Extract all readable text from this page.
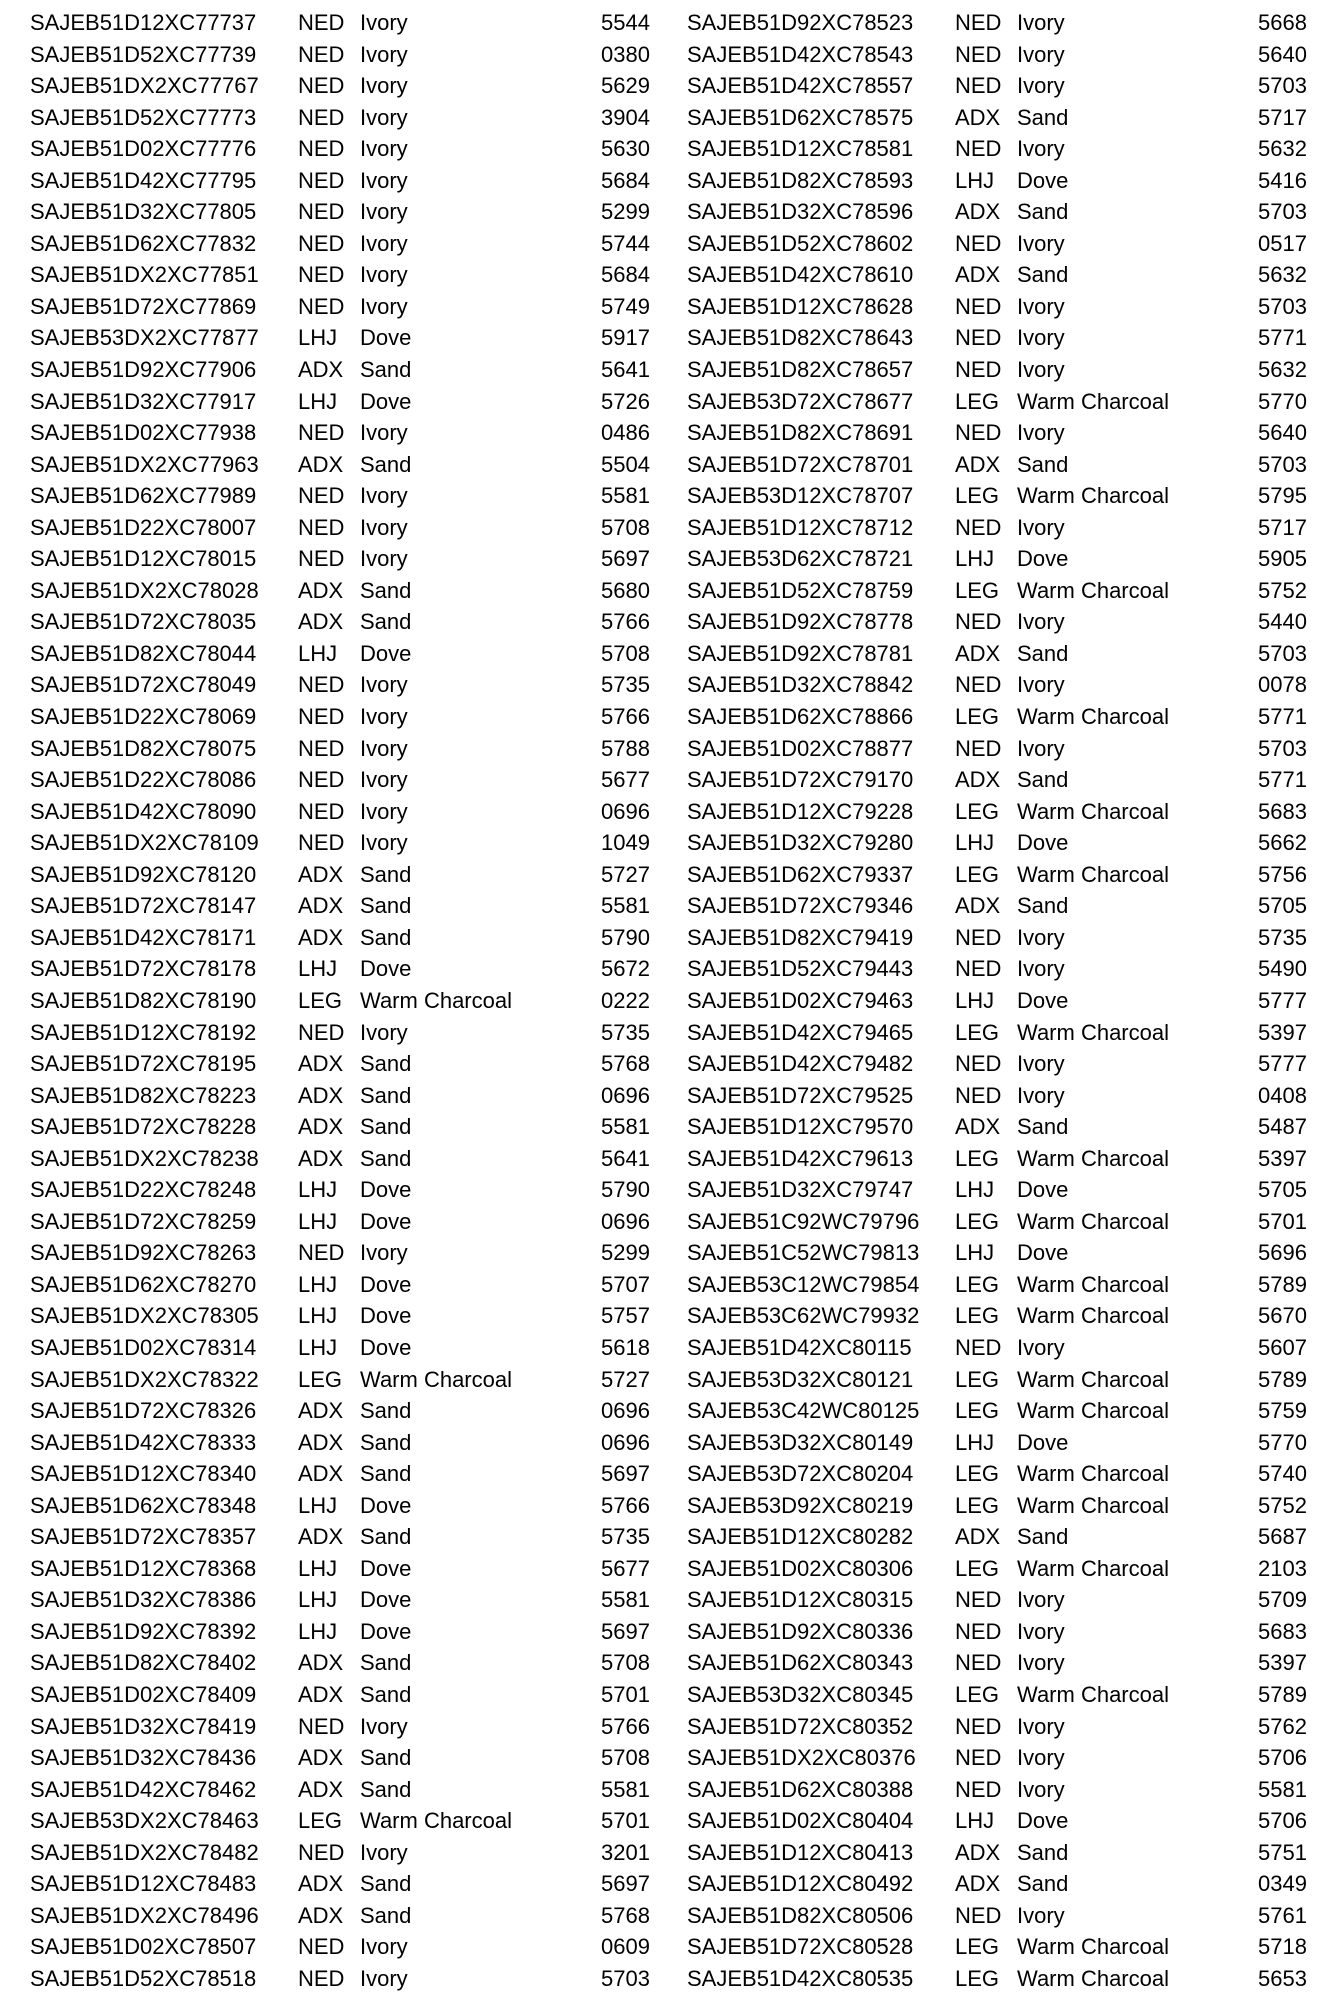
SAJEB51D12XC77737 NED Ivory	5544
SAJEB51D52XC77739 NED Ivory	0380
SAJEB51DX2XC77767 NED Ivory	5629
SAJEB51D52XC77773 NED Ivory	3904
SAJEB51D02XC77776 NED Ivory	5630
SAJEB51D42XC77795 NED Ivory	5684
SAJEB51D32XC77805 NED Ivory	5299
SAJEB51D62XC77832 NED Ivory	5744
SAJEB51DX2XC77851 NED Ivory	5684
SAJEB51D72XC77869 NED Ivory	5749
SAJEB53DX2XC77877 LHJ Dove	5917
SAJEB51D92XC77906 ADX Sand	5641
SAJEB51D32XC77917 LHJ Dove	5726
SAJEB51D02XC77938 NED Ivory	0486
SAJEB51DX2XC77963 ADX Sand	5504
SAJEB51D62XC77989 NED Ivory	5581
SAJEB51D22XC78007 NED Ivory	5708
SAJEB51D12XC78015 NED Ivory	5697
SAJEB51DX2XC78028 ADX Sand	5680
SAJEB51D72XC78035 ADX Sand	5766
SAJEB51D82XC78044 LHJ Dove	5708
SAJEB51D72XC78049 NED Ivory	5735
SAJEB51D22XC78069 NED Ivory	5766
SAJEB51D82XC78075 NED Ivory	5788
SAJEB51D22XC78086 NED Ivory	5677
SAJEB51D42XC78090 NED Ivory	0696
SAJEB51DX2XC78109 NED Ivory	1049
SAJEB51D92XC78120 ADX Sand	5727
SAJEB51D72XC78147 ADX Sand	5581
SAJEB51D42XC78171 ADX Sand	5790
SAJEB51D72XC78178 LHJ Dove	5672
SAJEB51D82XC78190 LEG Warm Charcoal	0222
SAJEB51D12XC78192 NED Ivory	5735
SAJEB51D72XC78195 ADX Sand	5768
SAJEB51D82XC78223 ADX Sand	0696
SAJEB51D72XC78228 ADX Sand	5581
SAJEB51DX2XC78238 ADX Sand	5641
SAJEB51D22XC78248 LHJ Dove	5790
SAJEB51D72XC78259 LHJ Dove	0696
SAJEB51D92XC78263 NED Ivory	5299
SAJEB51D62XC78270 LHJ Dove	5707
SAJEB51DX2XC78305 LHJ Dove	5757
SAJEB51D02XC78314 LHJ Dove	5618
SAJEB51DX2XC78322 LEG Warm Charcoal	5727
SAJEB51D72XC78326 ADX Sand	0696
SAJEB51D42XC78333 ADX Sand	0696
SAJEB51D12XC78340 ADX Sand	5697
SAJEB51D62XC78348 LHJ Dove	5766
SAJEB51D72XC78357 ADX Sand	5735
SAJEB51D12XC78368 LHJ Dove	5677
SAJEB51D32XC78386 LHJ Dove	5581
SAJEB51D92XC78392 LHJ Dove	5697
SAJEB51D82XC78402 ADX Sand	5708
SAJEB51D02XC78409 ADX Sand	5701
SAJEB51D32XC78419 NED Ivory	5766
SAJEB51D32XC78436 ADX Sand	5708
SAJEB51D42XC78462 ADX Sand	5581
SAJEB53DX2XC78463 LEG Warm Charcoal	5701
SAJEB51DX2XC78482 NED Ivory	3201
SAJEB51D12XC78483 ADX Sand	5697
SAJEB51DX2XC78496 ADX Sand	5768
SAJEB51D02XC78507 NED Ivory	0609
SAJEB51D52XC78518 NED Ivory	5703
SAJEB51D92XC78523 NED Ivory	5668
SAJEB51D42XC78543 NED Ivory	5640
SAJEB51D42XC78557 NED Ivory	5703
SAJEB51D62XC78575 ADX Sand	5717
SAJEB51D12XC78581 NED Ivory	5632
SAJEB51D82XC78593 LHJ Dove	5416
SAJEB51D32XC78596 ADX Sand	5703
SAJEB51D52XC78602 NED Ivory	0517
SAJEB51D42XC78610 ADX Sand	5632
SAJEB51D12XC78628 NED Ivory	5703
SAJEB51D82XC78643 NED Ivory	5771
SAJEB51D82XC78657 NED Ivory	5632
SAJEB53D72XC78677 LEG Warm Charcoal	5770
SAJEB51D82XC78691 NED Ivory	5640
SAJEB51D72XC78701 ADX Sand	5703
SAJEB53D12XC78707 LEG Warm Charcoal	5795
SAJEB51D12XC78712 NED Ivory	5717
SAJEB53D62XC78721 LHJ Dove	5905
SAJEB51D52XC78759 LEG Warm Charcoal	5752
SAJEB51D92XC78778 NED Ivory	5440
SAJEB51D92XC78781 ADX Sand	5703
SAJEB51D32XC78842 NED Ivory	0078
SAJEB51D62XC78866 LEG Warm Charcoal	5771
SAJEB51D02XC78877 NED Ivory	5703
SAJEB51D72XC79170 ADX Sand	5771
SAJEB51D12XC79228 LEG Warm Charcoal	5683
SAJEB51D32XC79280 LHJ Dove	5662
SAJEB51D62XC79337 LEG Warm Charcoal	5756
SAJEB51D72XC79346 ADX Sand	5705
SAJEB51D82XC79419 NED Ivory	5735
SAJEB51D52XC79443 NED Ivory	5490
SAJEB51D02XC79463 LHJ Dove	5777
SAJEB51D42XC79465 LEG Warm Charcoal	5397
SAJEB51D42XC79482 NED Ivory	5777
SAJEB51D72XC79525 NED Ivory	0408
SAJEB51D12XC79570 ADX Sand	5487
SAJEB51D42XC79613 LEG Warm Charcoal	5397
SAJEB51D32XC79747 LHJ Dove	5705
SAJEB51C92WC79796 LEG Warm Charcoal	5701
SAJEB51C52WC79813 LHJ Dove	5696
SAJEB53C12WC79854 LEG Warm Charcoal	5789
SAJEB53C62WC79932 LEG Warm Charcoal	5670
SAJEB51D42XC80115 NED Ivory	5607
SAJEB53D32XC80121 LEG Warm Charcoal	5789
SAJEB53C42WC80125 LEG Warm Charcoal	5759
SAJEB53D32XC80149 LHJ Dove	5770
SAJEB53D72XC80204 LEG Warm Charcoal	5740
SAJEB53D92XC80219 LEG Warm Charcoal	5752
SAJEB51D12XC80282 ADX Sand	5687
SAJEB51D02XC80306 LEG Warm Charcoal	2103
SAJEB51D12XC80315 NED Ivory	5709
SAJEB51D92XC80336 NED Ivory	5683
SAJEB51D62XC80343 NED Ivory	5397
SAJEB53D32XC80345 LEG Warm Charcoal	5789
SAJEB51D72XC80352 NED Ivory	5762
SAJEB51DX2XC80376 NED Ivory	5706
SAJEB51D62XC80388 NED Ivory	5581
SAJEB51D02XC80404 LHJ Dove	5706
SAJEB51D12XC80413 ADX Sand	5751
SAJEB51D12XC80492 ADX Sand	0349
SAJEB51D82XC80506 NED Ivory	5761
SAJEB51D72XC80528 LEG Warm Charcoal	5718
SAJEB51D42XC80535 LEG Warm Charcoal	5653
